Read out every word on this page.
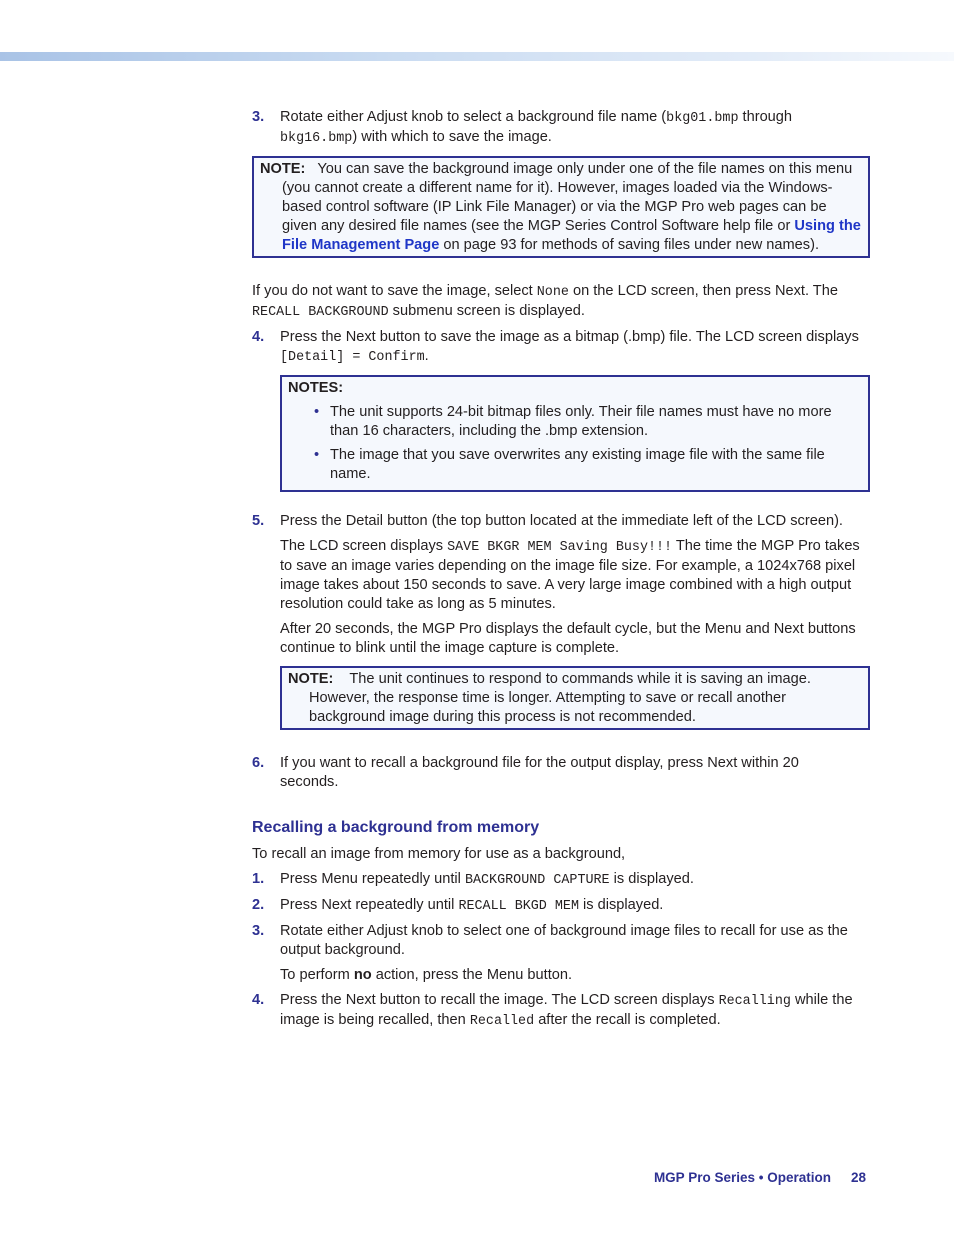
3. Rotate either Adjust knob to select a background file name (bkg01.bmp through
bkg16.bmp) with which to save the image.
NOTE: You can save the background image only under one of the file names on this menu (you cannot create a different name for it). However, images loaded via the Windows-based control software (IP Link File Manager) or via the MGP Pro web pages can be given any desired file names (see the MGP Series Control Software help file or Using the File Management Page on page 93 for methods of saving files under new names).

If you do not want to save the image, select None on the LCD screen, then press Next. The
RECALL BACKGROUND submenu screen is displayed.

4. Press the Next button to save the image as a bitmap (.bmp) file. The LCD screen displays [Detail] = Confirm.
NOTES:
• The unit supports 24-bit bitmap files only. Their file names must have no more than 16 characters, including the .bmp extension.
• The image that you save overwrites any existing image file with the same file name.
5. Press the Detail button (the top button located at the immediate left of the LCD screen).

The LCD screen displays SAVE BKGR MEM Saving Busy!!! The time the MGP Pro takes to save an image varies depending on the image file size. For example, a 1024x768 pixel image takes about 150 seconds to save. A very large image combined with a high output resolution could take as long as 5 minutes.

After 20 seconds, the MGP Pro displays the default cycle, but the Menu and Next buttons continue to blink until the image capture is complete.

NOTE: The unit continues to respond to commands while it is saving an image. However, the response time is longer. Attempting to save or recall another background image during this process is not recommended.
6. If you want to recall a background file for the output display, press Next within 20 seconds.
Recalling a background from memory

To recall an image from memory for use as a background,

1. Press Menu repeatedly until BACKGROUND CAPTURE is displayed.
2. Press Next repeatedly until RECALL BKGD MEM is displayed.
3. Rotate either Adjust knob to select one of background image files to recall for use as the output background.

To perform no action, press the Menu button.

4. Press the Next button to recall the image. The LCD screen displays Recalling while the image is being recalled, then Recalled after the recall is completed.
MGP Pro Series • Operation 28
